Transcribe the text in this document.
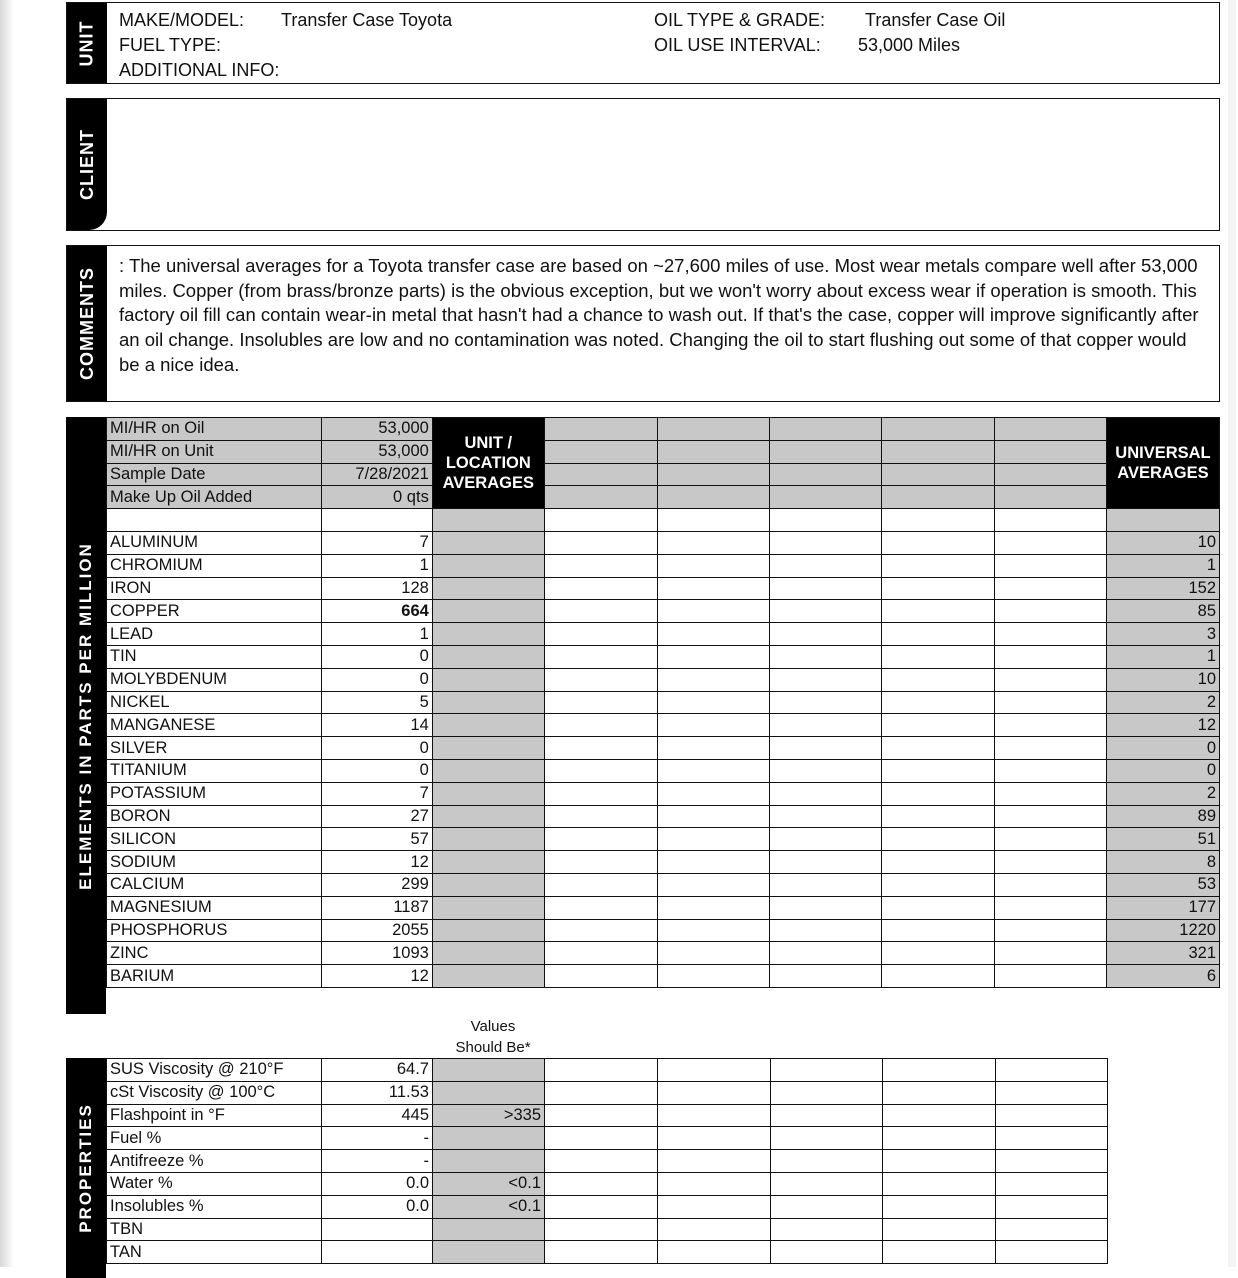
UNIT MAKE/MODEL: Transfer Case Toyota
FUEL TYPE:
ADDITIONAL INFO:
OIL TYPE & GRADE: Transfer Case Oil
OIL USE INTERVAL: 53,000 Miles
CLIENT
COMMENTS
: The universal averages for a Toyota transfer case are based on ~27,600 miles of use. Most wear metals compare well after 53,000 miles. Copper (from brass/bronze parts) is the obvious exception, but we won't worry about excess wear if operation is smooth. This factory oil fill can contain wear-in metal that hasn't had a chance to wash out. If that's the case, copper will improve significantly after an oil change. Insolubles are low and no contamination was noted. Changing the oil to start flushing out some of that copper would be a nice idea.
ELEMENTS IN PARTS PER MILLION
MI/HR on Oil	53,000	UNIT / LOCATION AVERAGES						UNIVERSAL AVERAGES
MI/HR on Unit	53,000							
Sample Date	7/28/2021							
Make Up Oil Added	0 qts							

ALUMINUM	7							10
CHROMIUM	1							1
IRON	128							152
COPPER	664							85
LEAD	1							3
TIN	0							1
MOLYBDENUM	0							10
NICKEL	5							2
MANGANESE	14							12
SILVER	0							0
TITANIUM	0							0
POTASSIUM	7							2
BORON	27							89
SILICON	57							51
SODIUM	12							8
CALCIUM	299							53
MAGNESIUM	1187							177
PHOSPHORUS	2055							1220
ZINC	1093							321
BARIUM	12							6
Values
Should Be*
PROPERTIES
SUS Viscosity @ 210°F	64.7						
cSt Viscosity @ 100°C	11.53						
Flashpoint in °F	445	>335					
Fuel %	-						
Antifreeze %	-						
Water %	0.0	<0.1					
Insolubles %	0.0	<0.1					
TBN							
TAN							
